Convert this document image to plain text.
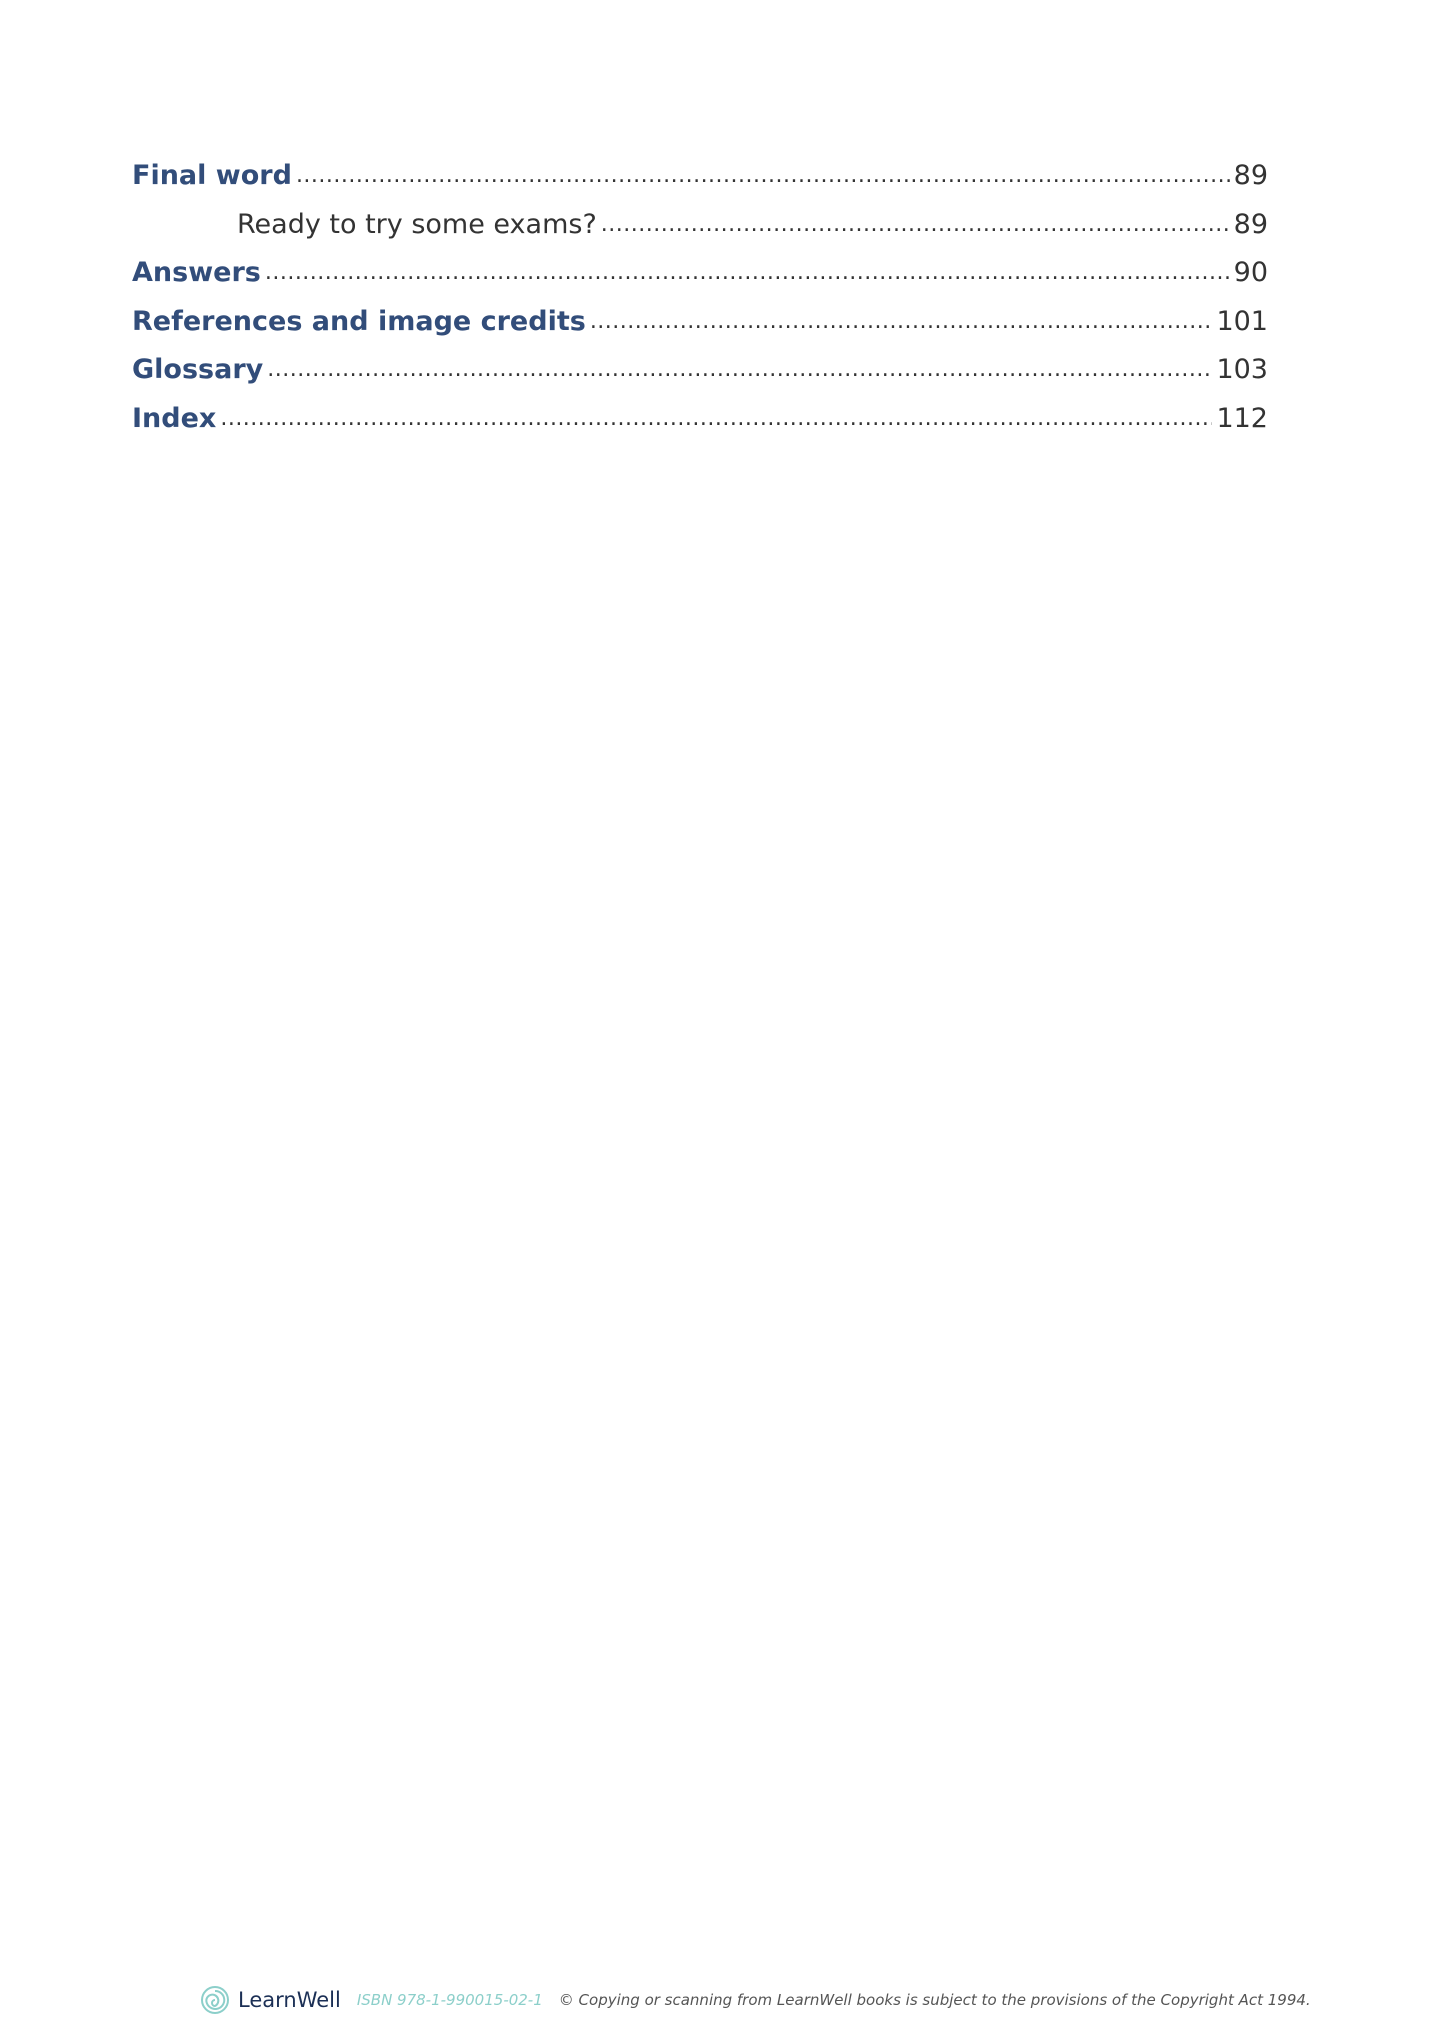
Final word .....	89
Ready to try some exams? .....	89
Answers .....	90
References and image credits .....	101
Glossary .....	103
Index .....	112
LearnWell ISBN 978-1-990015-02-1 © Copying or scanning from LearnWell books is subject to the provisions of the Copyright Act 1994.
